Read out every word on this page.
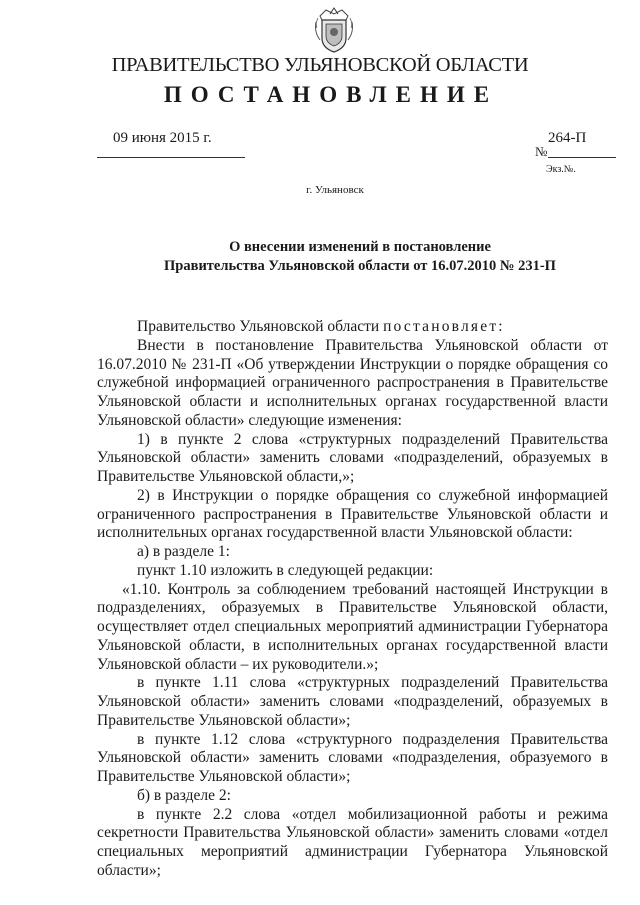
ПРАВИТЕЛЬСТВО УЛЬЯНОВСКОЙ ОБЛАСТИ
ПОСТАНОВЛЕНИЕ
09 июня 2015 г.	264-П
№
Экз.№.
г. Ульяновск
О внесении изменений в постановление
Правительства Ульяновской области от 16.07.2010 № 231-П

Правительство Ульяновской области постановляет:

Внести в постановление Правительства Ульяновской области от 16.07.2010 № 231-П «Об утверждении Инструкции о порядке обращения со служебной информацией ограниченного распространения в Правительстве Ульяновской области и исполнительных органах государственной власти Ульяновской области» следующие изменения:

1) в пункте 2 слова «структурных подразделений Правительства Ульяновской области» заменить словами «подразделений, образуемых в Правительстве Ульяновской области,»;

2) в Инструкции о порядке обращения со служебной информацией ограниченного распространения в Правительстве Ульяновской области и исполнительных органах государственной власти Ульяновской области:

а) в разделе 1:

пункт 1.10 изложить в следующей редакции:

«1.10. Контроль за соблюдением требований настоящей Инструкции в подразделениях, образуемых в Правительстве Ульяновской области, осуществляет отдел специальных мероприятий администрации Губернатора Ульяновской области, в исполнительных органах государственной власти Ульяновской области – их руководители.»;

в пункте 1.11 слова «структурных подразделений Правительства Ульяновской области» заменить словами «подразделений, образуемых в Правительстве Ульяновской области»;

в пункте 1.12 слова «структурного подразделения Правительства Ульяновской области» заменить словами «подразделения, образуемого в Правительстве Ульяновской области»;

б) в разделе 2:

в пункте 2.2 слова «отдел мобилизационной работы и режима секретности Правительства Ульяновской области» заменить словами «отдел специальных мероприятий администрации Губернатора Ульяновской области»;
